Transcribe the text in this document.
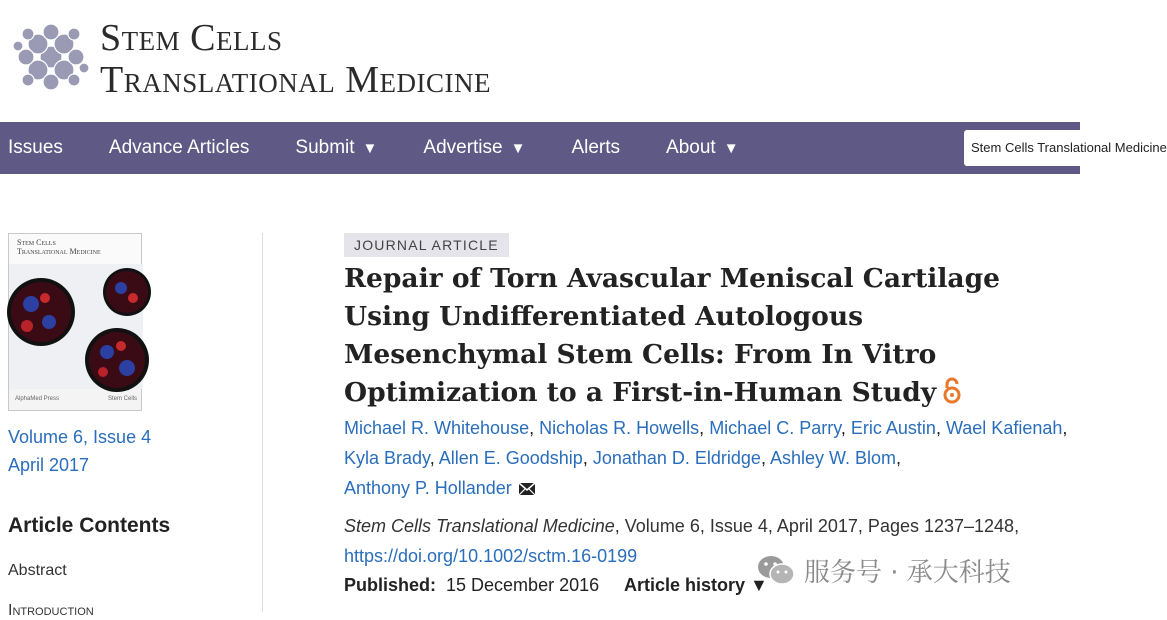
Stem Cells
Translational Medicine
Issues Advance Articles Submit ▼ Advertise ▼ Alerts About ▼	Stem Cells Translational Medicine
Stem Cells
Translational Medicine
AlphaMed Press	Stem Cells
Volume 6, Issue 4
April 2017
Article Contents
Abstract
Introduction
JOURNAL ARTICLE
Repair of Torn Avascular Meniscal Cartilage Using Undifferentiated Autologous Mesenchymal Stem Cells: From In Vitro Optimization to a First-in-Human Study
Michael R. Whitehouse, Nicholas R. Howells, Michael C. Parry, Eric Austin, Wael Kafienah, Kyla Brady, Allen E. Goodship, Jonathan D. Eldridge, Ashley W. Blom,
Anthony P. Hollander
Stem Cells Translational Medicine, Volume 6, Issue 4, April 2017, Pages 1237–1248,
https://doi.org/10.1002/sctm.16-0199
Published: 15 December 2016 Article history ▼ 服务号 · 承大科技
